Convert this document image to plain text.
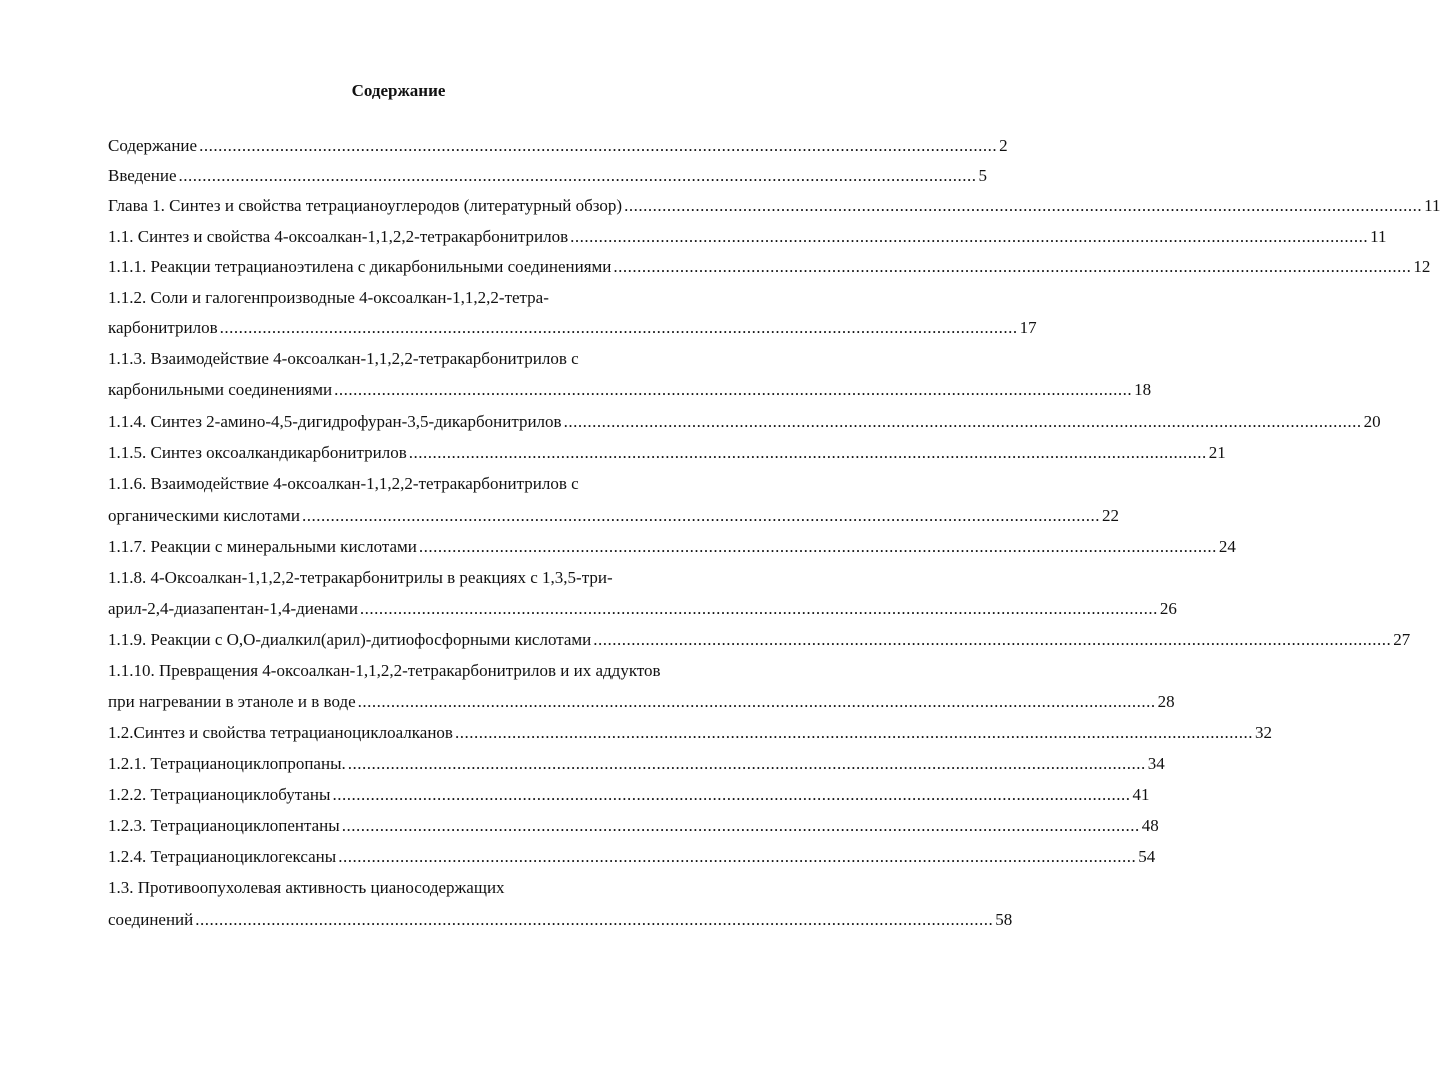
Содержание
Содержание ........................................................................................................................................................................ 2
Введение ........................................................................................................................................................................ 5
Глава 1. Синтез и свойства тетрацианоуглеродов (литературный обзор) ........................................................................................................................................................................ 11
1.1. Синтез и свойства 4-оксоалкан-1,1,2,2-тетракарбонитрилов ........................................................................................................................................................................ 11
1.1.1. Реакции тетрацианоэтилена с дикарбонильными соединениями ........................................................................................................................................................................ 12
1.1.2. Соли и галогенпроизводные 4-оксоалкан-1,1,2,2-тетра-
карбонитрилов ........................................................................................................................................................................ 17
1.1.3. Взаимодействие 4-оксоалкан-1,1,2,2-тетракарбонитрилов с
карбонильными соединениями ........................................................................................................................................................................ 18
1.1.4. Синтез 2-амино-4,5-дигидрофуран-3,5-дикарбонитрилов ........................................................................................................................................................................ 20
1.1.5. Синтез оксоалкандикарбонитрилов ........................................................................................................................................................................ 21
1.1.6. Взаимодействие 4-оксоалкан-1,1,2,2-тетракарбонитрилов с
органическими кислотами ........................................................................................................................................................................ 22
1.1.7. Реакции с минеральными кислотами ........................................................................................................................................................................ 24
1.1.8. 4-Оксоалкан-1,1,2,2-тетракарбонитрилы в реакциях с 1,3,5-три-
арил-2,4-диазапентан-1,4-диенами ........................................................................................................................................................................ 26
1.1.9. Реакции с О,О-диалкил(арил)-дитиофосфорными кислотами ........................................................................................................................................................................ 27
1.1.10. Превращения 4-оксоалкан-1,1,2,2-тетракарбонитрилов и их аддуктов
при нагревании в этаноле и в воде ........................................................................................................................................................................ 28
1.2.Синтез и свойства тетрацианоциклоалканов ........................................................................................................................................................................ 32
1.2.1. Тетрацианоциклопропаны. ........................................................................................................................................................................ 34
1.2.2. Тетрацианоциклобутаны ........................................................................................................................................................................ 41
1.2.3. Тетрацианоциклопентаны ........................................................................................................................................................................ 48
1.2.4. Тетрацианоциклогексаны ........................................................................................................................................................................ 54
1.3. Противоопухолевая активность цианосодержащих
соединений ........................................................................................................................................................................ 58
